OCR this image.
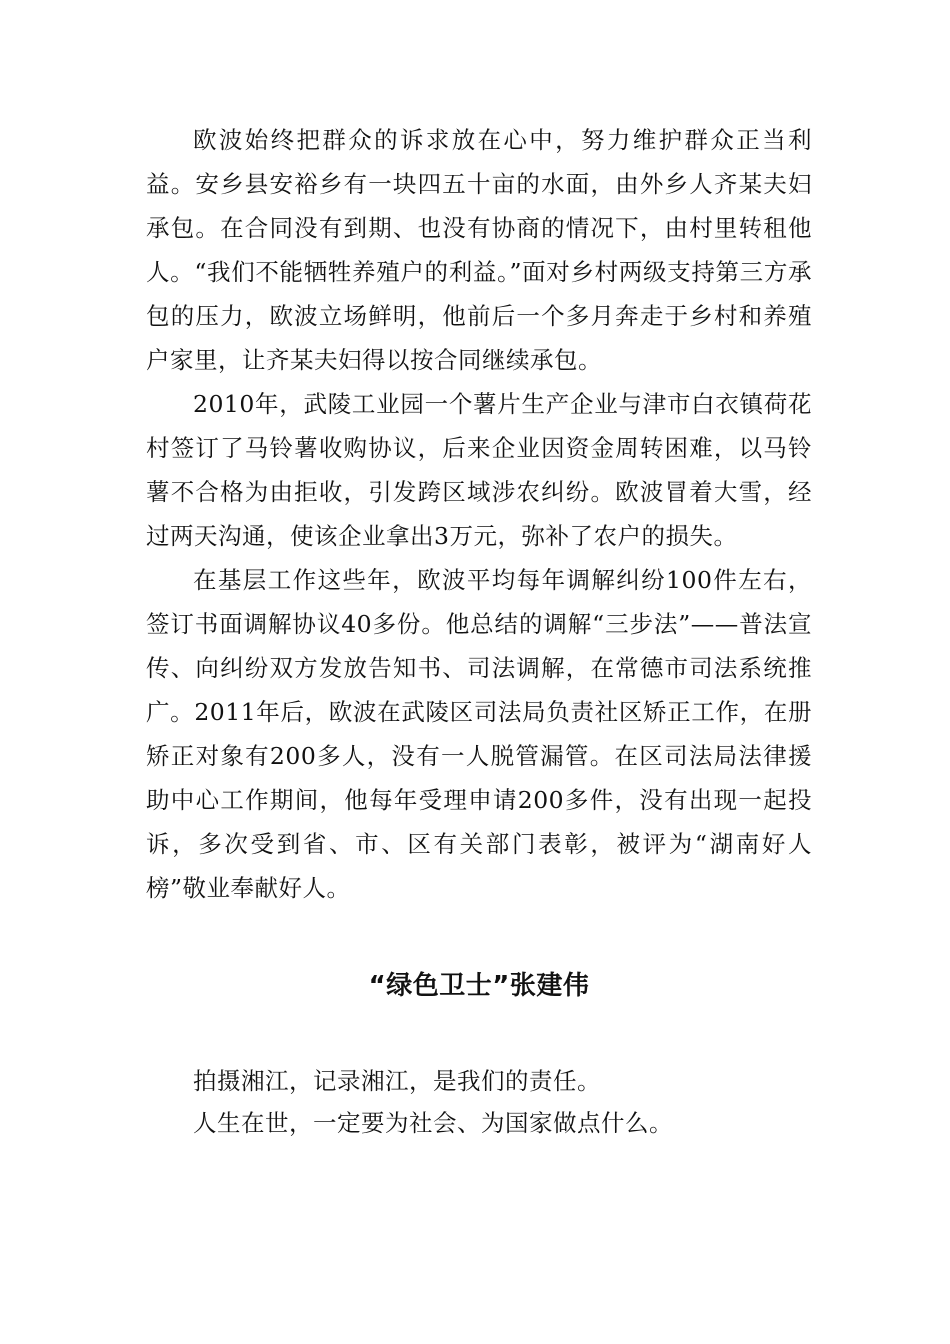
欧波始终把群众的诉求放在心中，努力维护群众正当利益。安乡县安裕乡有一块四五十亩的水面，由外乡人齐某夫妇承包。在合同没有到期、也没有协商的情况下，由村里转租他人。“我们不能牺牲养殖户的利益。”面对乡村两级支持第三方承包的压力，欧波立场鲜明，他前后一个多月奔走于乡村和养殖户家里，让齐某夫妇得以按合同继续承包。

2010年，武陵工业园一个薯片生产企业与津市白衣镇荷花村签订了马铃薯收购协议，后来企业因资金周转困难，以马铃薯不合格为由拒收，引发跨区域涉农纠纷。欧波冒着大雪，经过两天沟通，使该企业拿出3万元，弥补了农户的损失。

在基层工作这些年，欧波平均每年调解纠纷100件左右，签订书面调解协议40多份。他总结的调解“三步法”——普法宣传、向纠纷双方发放告知书、司法调解，在常德市司法系统推广。2011年后，欧波在武陵区司法局负责社区矫正工作，在册矫正对象有200多人，没有一人脱管漏管。在区司法局法律援助中心工作期间，他每年受理申请200多件，没有出现一起投诉，多次受到省、市、区有关部门表彰，被评为“湖南好人榜”敬业奉献好人。

“绿色卫士”张建伟

拍摄湘江，记录湘江，是我们的责任。

人生在世，一定要为社会、为国家做点什么。
